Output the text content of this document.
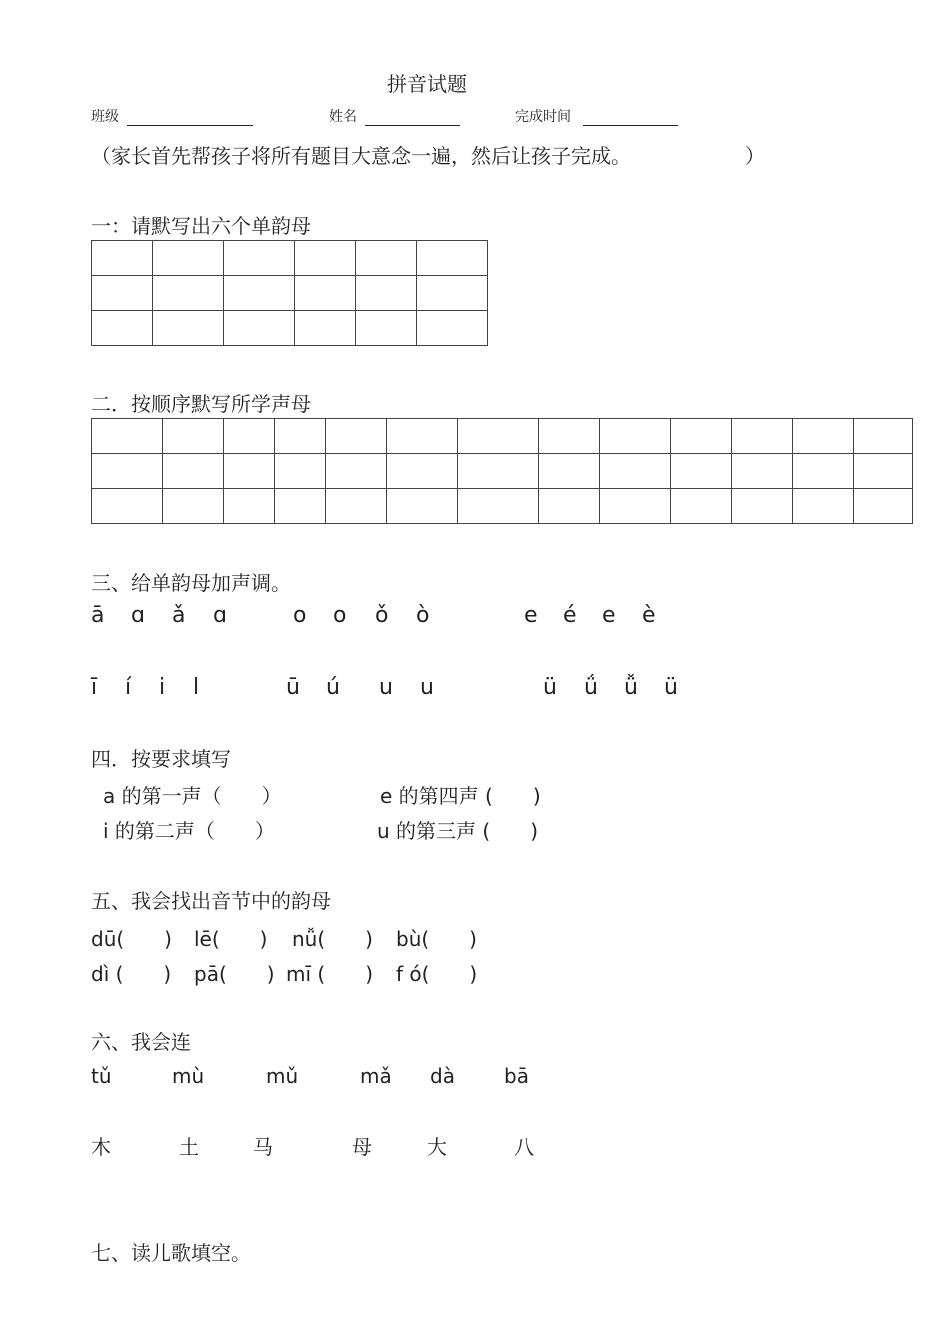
拼音试题
班级	姓名	完成时间
（家长首先帮孩子将所有题目大意念一遍，然后让孩子完成。	）
一：请默写出六个单韵母

二．按顺序默写所学声母

三、给单韵母加声调。
ā ɑ ǎ ɑ	o o ǒ ò	e é e è
ī í i l	ū ú u u	ü ǘ ǚ ü
四．按要求填写
a 的第一声（　　）	e 的第四声 (　　)
i 的第二声（　　）	u 的第三声 (　　)
五、我会找出音节中的韵母
dū(　　) lē(　　) nǚ(　　) bù(　　)
dì (　　) pā(　　) mī (　　) f ó(　　)
六、我会连
tǔ	mù	mǔ	mǎ dà bā
木	土	马	母	大	八
七、读儿歌填空。
